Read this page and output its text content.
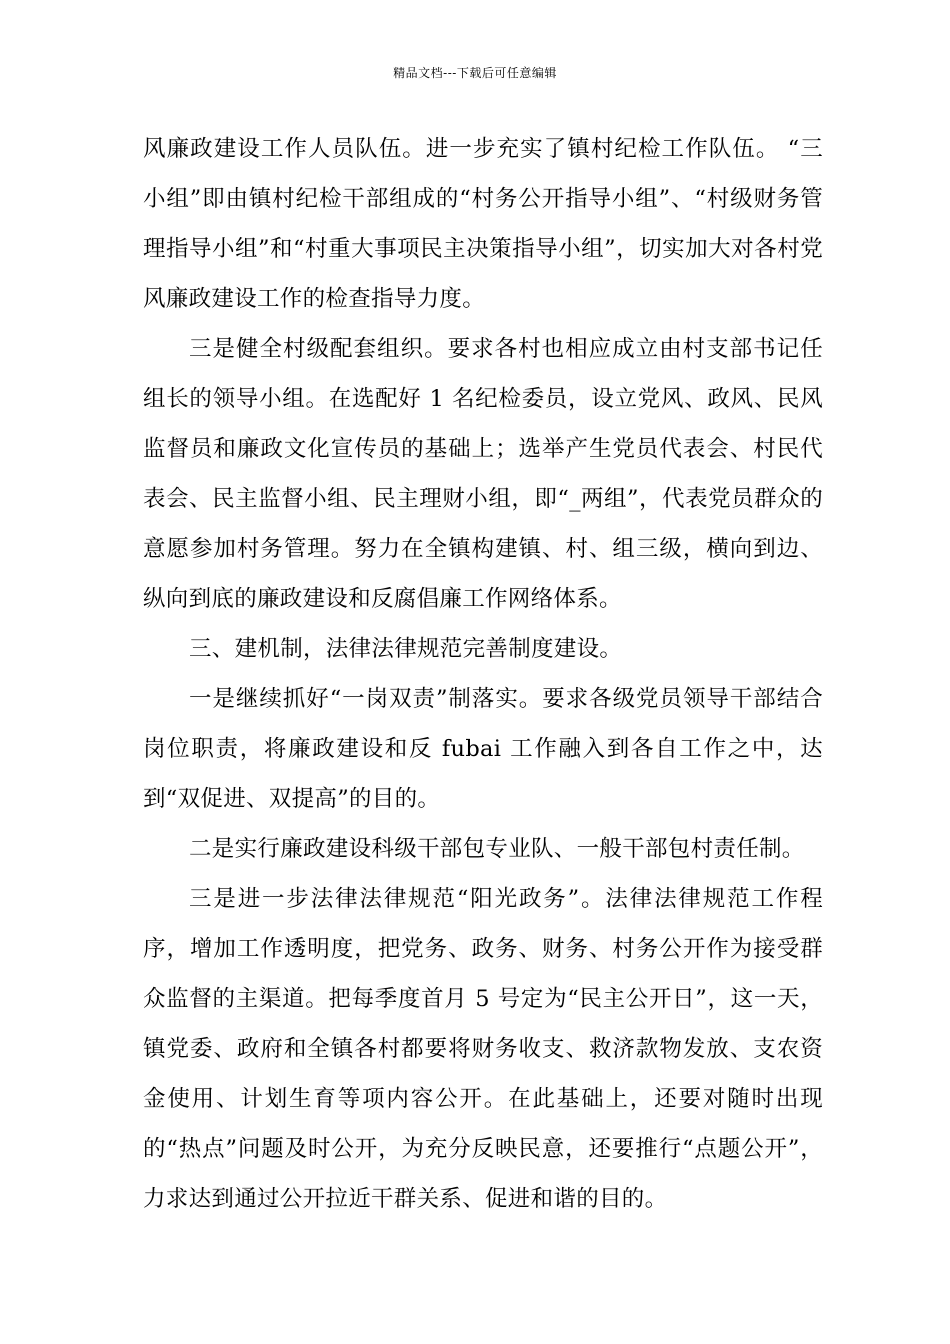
精品文档---下载后可任意编辑

风廉政建设工作人员队伍。进一步充实了镇村纪检工作队伍。 “三小组”即由镇村纪检干部组成的“村务公开指导小组”、“村级财务管理指导小组”和“村重大事项民主决策指导小组”，切实加大对各村党风廉政建设工作的检查指导力度。

三是健全村级配套组织。要求各村也相应成立由村支部书记任组长的领导小组。在选配好 1 名纪检委员，设立党风、政风、民风监督员和廉政文化宣传员的基础上；选举产生党员代表会、村民代表会、民主监督小组、民主理财小组，即“_两组”，代表党员群众的意愿参加村务管理。努力在全镇构建镇、村、组三级，横向到边、纵向到底的廉政建设和反腐倡廉工作网络体系。

三、建机制，法律法律规范完善制度建设。

一是继续抓好“一岗双责”制落实。要求各级党员领导干部结合岗位职责，将廉政建设和反 fubai 工作融入到各自工作之中，达到“双促进、双提高”的目的。

二是实行廉政建设科级干部包专业队、一般干部包村责任制。

三是进一步法律法律规范“阳光政务”。法律法律规范工作程序，增加工作透明度，把党务、政务、财务、村务公开作为接受群众监督的主渠道。把每季度首月 5 号定为“民主公开日”，这一天，镇党委、政府和全镇各村都要将财务收支、救济款物发放、支农资金使用、计划生育等项内容公开。在此基础上，还要对随时出现的“热点”问题及时公开，为充分反映民意，还要推行“点题公开”，力求达到通过公开拉近干群关系、促进和谐的目的。
